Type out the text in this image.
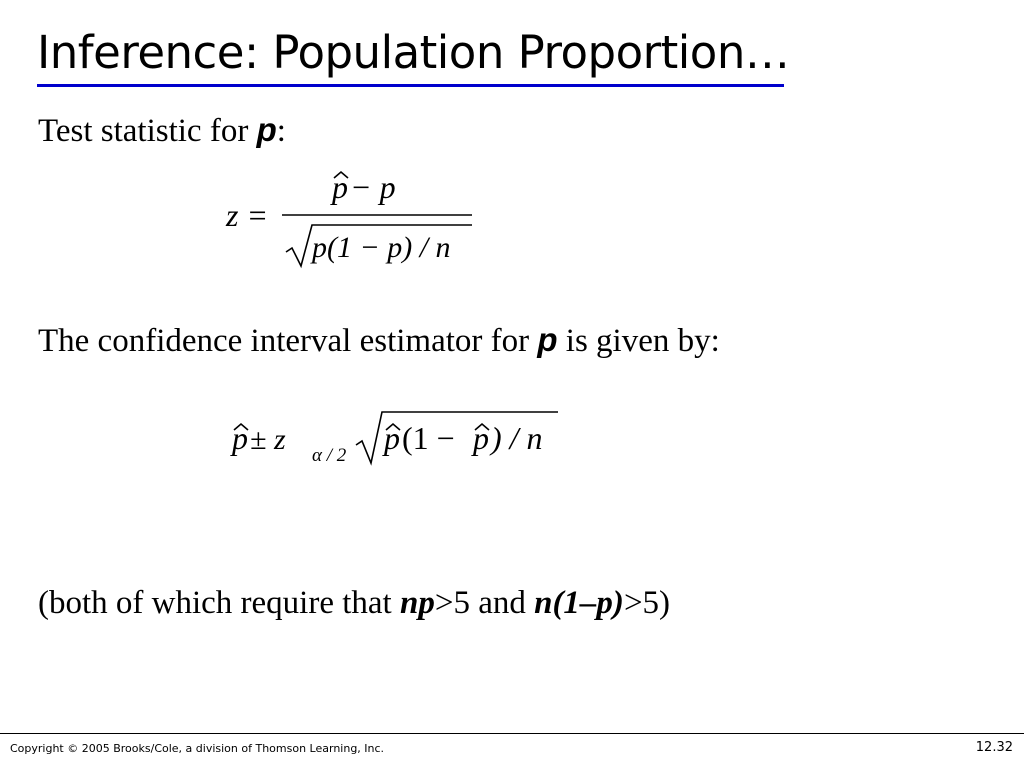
Inference: Population Proportion…
Test statistic for p:
z =
p − p
p(1 − p) / n
The confidence interval estimator for p is given by:
p ± z α / 2 p (1 − p ) / n
(both of which require that np>5 and n(1–p)>5)
Copyright © 2005 Brooks/Cole, a division of Thomson Learning, Inc.	12.32
